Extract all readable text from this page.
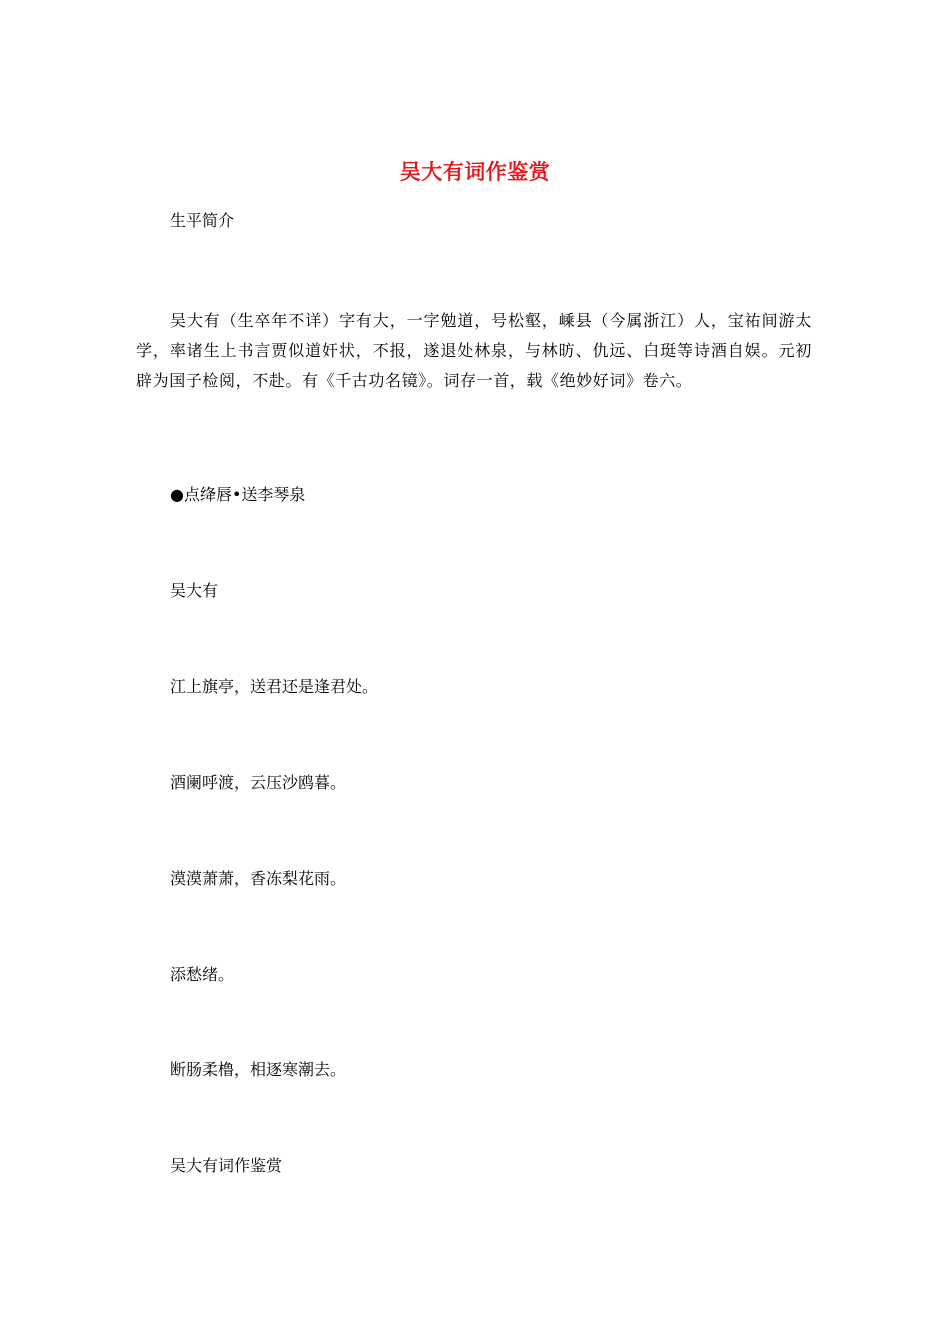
吴大有词作鉴赏
生平简介
吴大有（生卒年不详）字有大，一字勉道，号松壑，嵊县（今属浙江）人，宝祐间游太学，率诸生上书言贾似道奸状，不报，遂退处林泉，与林昉、仇远、白珽等诗酒自娱。元初辟为国子检阅，不赴。有《千古功名镜》。词存一首，载《绝妙好词》卷六。
●点绛唇•送李琴泉
吴大有
江上旗亭，送君还是逢君处。
酒阑呼渡，云压沙鸥暮。
漠漠萧萧，香冻梨花雨。
添愁绪。
断肠柔橹，相逐寒潮去。
吴大有词作鉴赏
